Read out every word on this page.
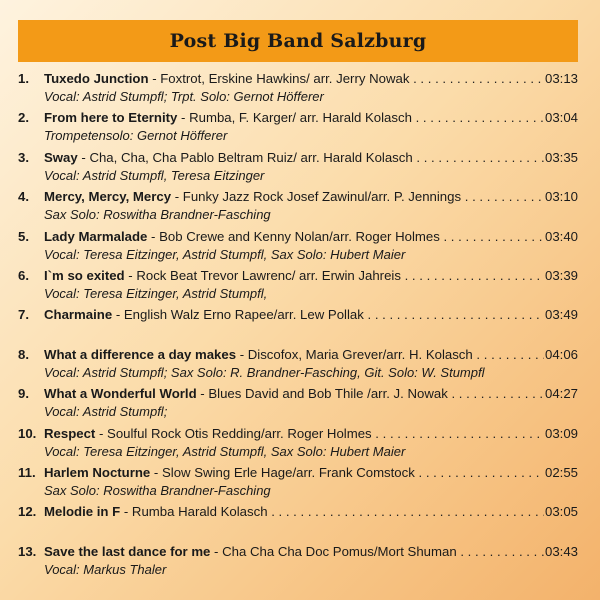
Post Big Band Salzburg
1.	Tuxedo Junction - Foxtrot, Erskine Hawkins/ arr. Jerry Nowak . . .	03:13
Vocal: Astrid Stumpfl; Trpt. Solo: Gernot Höfferer
2.	From here to Eternity - Rumba, F. Karger/ arr. Harald Kolasch . . .	03:04
Trompetensolo: Gernot Höfferer
3.	Sway - Cha, Cha, Cha Pablo Beltram Ruiz/ arr. Harald Kolasch . . .	03:35
Vocal: Astrid Stumpfl, Teresa Eitzinger
4.	Mercy, Mercy, Mercy - Funky Jazz Rock Josef Zawinul/arr. P. Jennings . . .	03:10
Sax Solo: Roswitha Brandner-Fasching
5.	Lady Marmalade - Bob Crewe and Kenny Nolan/arr. Roger Holmes . . .	03:40
Vocal: Teresa Eitzinger, Astrid Stumpfl, Sax Solo: Hubert Maier
6.	I`m so exited - Rock Beat Trevor Lawrenc/ arr. Erwin Jahreis . . .	03:39
Vocal: Teresa Eitzinger, Astrid Stumpfl,
7.	Charmaine - English Walz Erno Rapee/arr. Lew Pollak . . .	03:49
8.	What a difference a day makes - Discofox, Maria Grever/arr. H. Kolasch . . .	04:06
Vocal: Astrid Stumpfl; Sax Solo: R. Brandner-Fasching, Git. Solo: W. Stumpfl
9.	What a Wonderful World - Blues David and Bob Thile /arr. J. Nowak . . .	04:27
Vocal: Astrid Stumpfl;
10. Respect - Soulful Rock Otis Redding/arr. Roger Holmes . . .	03:09
Vocal: Teresa Eitzinger, Astrid Stumpfl, Sax Solo: Hubert Maier
11. Harlem Nocturne - Slow Swing Erle Hage/arr. Frank Comstock . . .	02:55
Sax Solo: Roswitha Brandner-Fasching
12. Melodie in F - Rumba Harald Kolasch . . .	03:05
13. Save the last dance for me - Cha Cha Cha Doc Pomus/Mort Shuman . . .	03:43
Vocal: Markus Thaler
